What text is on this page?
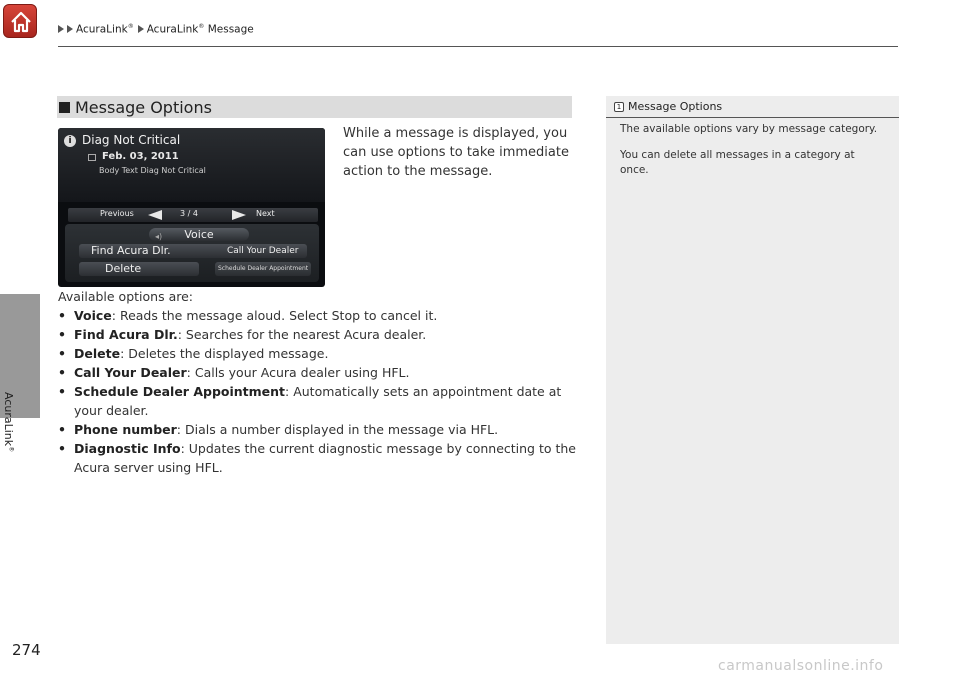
AcuraLink® AcuraLink® Message
AcuraLink®
274
Message Options
i Diag Not Critical
Feb. 03, 2011
Body Text Diag Not Critical
Previous	3 / 4	Next
◂) Voice
Find Acura Dlr.	Call Your Dealer
Delete	Schedule Dealer Appointment
While a message is displayed, you can use options to take immediate action to the message.
Available options are:
• Voice: Reads the message aloud. Select Stop to cancel it.
• Find Acura Dlr.: Searches for the nearest Acura dealer.
• Delete: Deletes the displayed message.
• Call Your Dealer: Calls your Acura dealer using HFL.
• Schedule Dealer Appointment: Automatically sets an appointment date at your dealer.
• Phone number: Dials a number displayed in the message via HFL.
• Diagnostic Info: Updates the current diagnostic message by connecting to the Acura server using HFL.
1 Message Options
The available options vary by message category.
You can delete all messages in a category at once.
carmanualsonline.info
